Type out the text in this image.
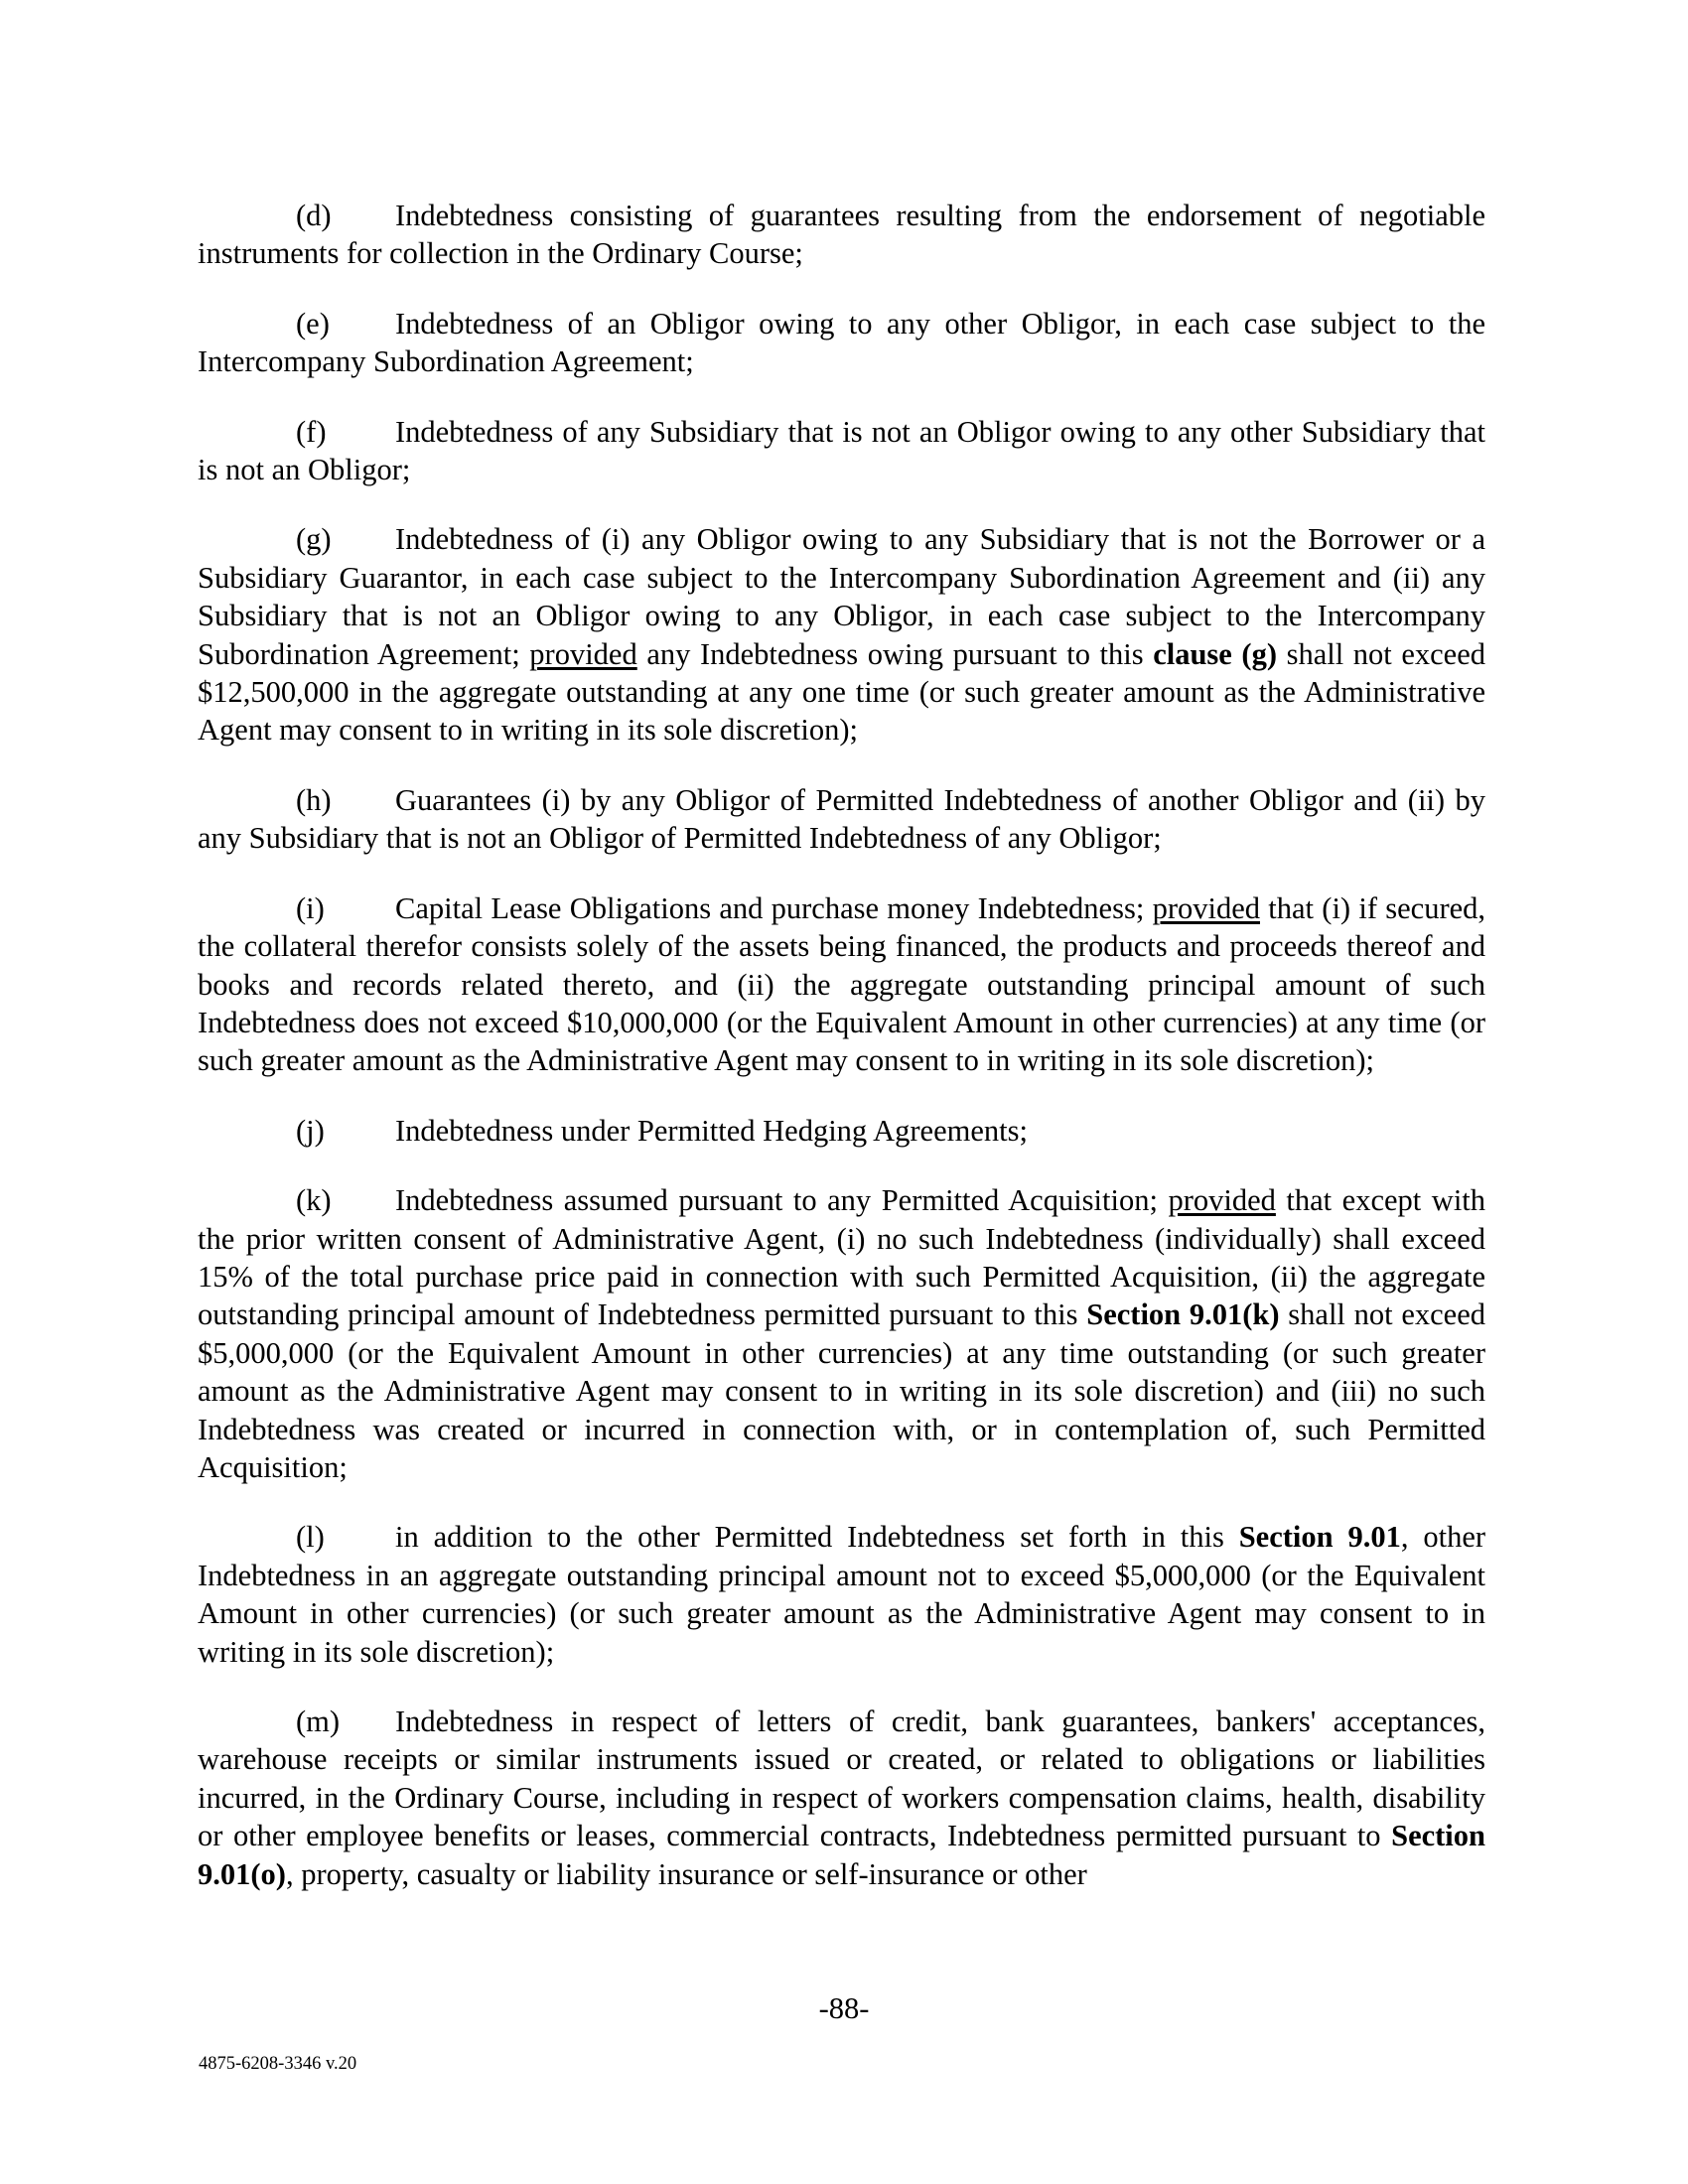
(d) Indebtedness consisting of guarantees resulting from the endorsement of negotiable instruments for collection in the Ordinary Course;

(e) Indebtedness of an Obligor owing to any other Obligor, in each case subject to the Intercompany Subordination Agreement;

(f) Indebtedness of any Subsidiary that is not an Obligor owing to any other Subsidiary that is not an Obligor;

(g) Indebtedness of (i) any Obligor owing to any Subsidiary that is not the Borrower or a Subsidiary Guarantor, in each case subject to the Intercompany Subordination Agreement and (ii) any Subsidiary that is not an Obligor owing to any Obligor, in each case subject to the Intercompany Subordination Agreement; provided any Indebtedness owing pursuant to this clause (g) shall not exceed $12,500,000 in the aggregate outstanding at any one time (or such greater amount as the Administrative Agent may consent to in writing in its sole discretion);

(h) Guarantees (i) by any Obligor of Permitted Indebtedness of another Obligor and (ii) by any Subsidiary that is not an Obligor of Permitted Indebtedness of any Obligor;

(i) Capital Lease Obligations and purchase money Indebtedness; provided that (i) if secured, the collateral therefor consists solely of the assets being financed, the products and proceeds thereof and books and records related thereto, and (ii) the aggregate outstanding principal amount of such Indebtedness does not exceed $10,000,000 (or the Equivalent Amount in other currencies) at any time (or such greater amount as the Administrative Agent may consent to in writing in its sole discretion);

(j) Indebtedness under Permitted Hedging Agreements;

(k) Indebtedness assumed pursuant to any Permitted Acquisition; provided that except with the prior written consent of Administrative Agent, (i) no such Indebtedness (individually) shall exceed 15% of the total purchase price paid in connection with such Permitted Acquisition, (ii) the aggregate outstanding principal amount of Indebtedness permitted pursuant to this Section 9.01(k) shall not exceed $5,000,000 (or the Equivalent Amount in other currencies) at any time outstanding (or such greater amount as the Administrative Agent may consent to in writing in its sole discretion) and (iii) no such Indebtedness was created or incurred in connection with, or in contemplation of, such Permitted Acquisition;

(l) in addition to the other Permitted Indebtedness set forth in this Section 9.01, other Indebtedness in an aggregate outstanding principal amount not to exceed $5,000,000 (or the Equivalent Amount in other currencies) (or such greater amount as the Administrative Agent may consent to in writing in its sole discretion);

(m) Indebtedness in respect of letters of credit, bank guarantees, bankers' acceptances, warehouse receipts or similar instruments issued or created, or related to obligations or liabilities incurred, in the Ordinary Course, including in respect of workers compensation claims, health, disability or other employee benefits or leases, commercial contracts, Indebtedness permitted pursuant to Section 9.01(o), property, casualty or liability insurance or self-insurance or other

-88-
4875-6208-3346 v.20
